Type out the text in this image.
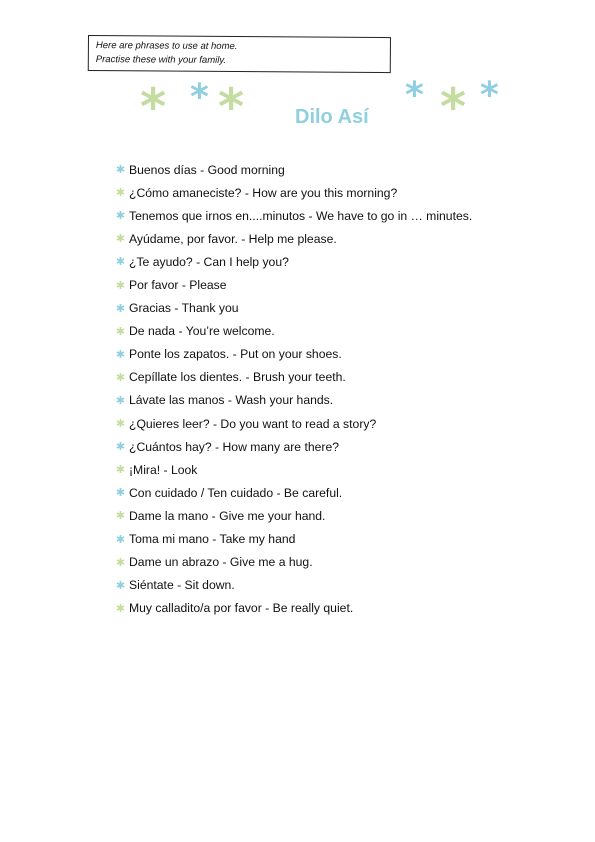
Here are phrases to use at home.
Practise these with your family.
* * *	Dilo Así
* * *
✱ Buenos días - Good morning
✱ ¿Cómo amaneciste? - How are you this morning?
✱ Tenemos que irnos en....minutos - We have to go in … minutes.
✱ Ayúdame, por favor. - Help me please.
✱ ¿Te ayudo? - Can I help you?
✱ Por favor - Please
✱ Gracias - Thank you
✱ De nada - You’re welcome.
✱ Ponte los zapatos. - Put on your shoes.
✱ Cepíllate los dientes. - Brush your teeth.
✱ Lávate las manos - Wash your hands.
✱ ¿Quieres leer? - Do you want to read a story?
✱ ¿Cuántos hay? - How many are there?
✱ ¡Mira! - Look
✱ Con cuidado / Ten cuidado - Be careful.
✱ Dame la mano - Give me your hand.
✱ Toma mi mano - Take my hand
✱ Dame un abrazo - Give me a hug.
✱ Siéntate - Sit down.
✱ Muy calladito/a por favor - Be really quiet.
